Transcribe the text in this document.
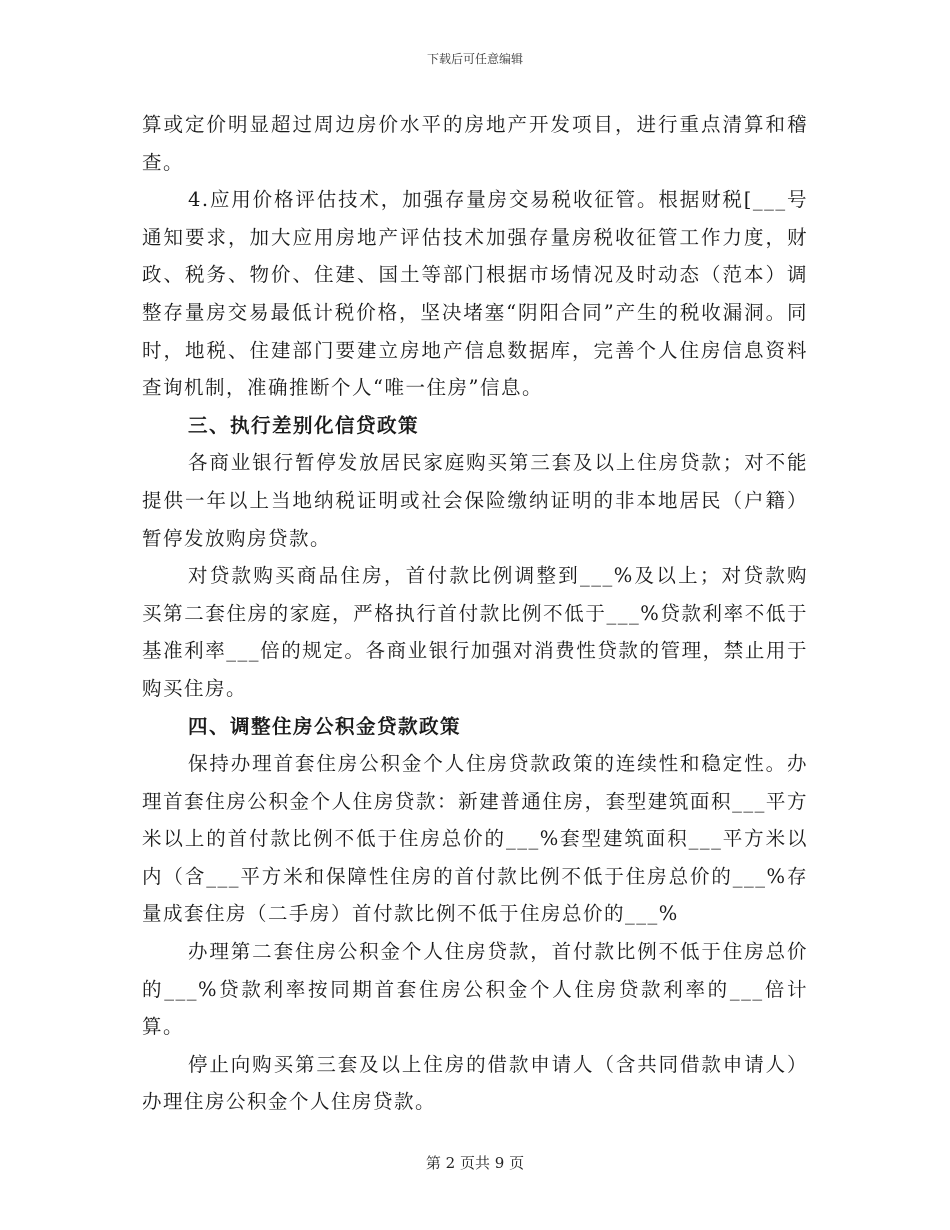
下载后可任意编辑

算或定价明显超过周边房价水平的房地产开发项目，进行重点清算和稽查。

4.应用价格评估技术，加强存量房交易税收征管。根据财税[___号通知要求，加大应用房地产评估技术加强存量房税收征管工作力度，财政、税务、物价、住建、国土等部门根据市场情况及时动态（范本）调整存量房交易最低计税价格，坚决堵塞“阴阳合同”产生的税收漏洞。同时，地税、住建部门要建立房地产信息数据库，完善个人住房信息资料查询机制，准确推断个人“唯一住房”信息。

三、执行差别化信贷政策

各商业银行暂停发放居民家庭购买第三套及以上住房贷款；对不能提供一年以上当地纳税证明或社会保险缴纳证明的非本地居民（户籍）暂停发放购房贷款。

对贷款购买商品住房，首付款比例调整到___%及以上；对贷款购买第二套住房的家庭，严格执行首付款比例不低于___%贷款利率不低于基准利率___倍的规定。各商业银行加强对消费性贷款的管理，禁止用于购买住房。

四、调整住房公积金贷款政策

保持办理首套住房公积金个人住房贷款政策的连续性和稳定性。办理首套住房公积金个人住房贷款：新建普通住房，套型建筑面积___平方米以上的首付款比例不低于住房总价的___%套型建筑面积___平方米以内（含___平方米和保障性住房的首付款比例不低于住房总价的___%存量成套住房（二手房）首付款比例不低于住房总价的___%

办理第二套住房公积金个人住房贷款，首付款比例不低于住房总价的___%贷款利率按同期首套住房公积金个人住房贷款利率的___倍计算。

停止向购买第三套及以上住房的借款申请人（含共同借款申请人）办理住房公积金个人住房贷款。

第 2 页共 9 页
